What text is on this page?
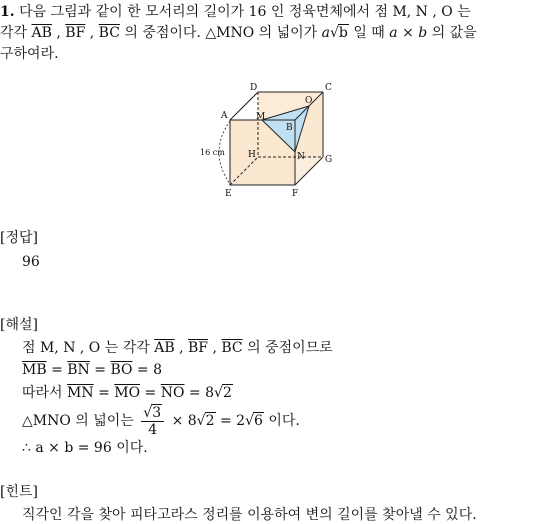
1. 다음 그림과 같이 한 모서리의 길이가 16 인 정육면체에서 점 M, N , O 는
각각 $\overline{AB}$ , $\overline{BF}$ , $\overline{BC}$ 의 중점이다. △MNO 의 넓이가 a√b 일 때 a × b 의 값을
구하여라.
D	C
A	M
O
B
H	N G
E	F
16 cm
[정답]
96
[해설]
점 M, N , O 는 각각 $\overline{AB}$ , $\overline{BF}$ , $\overline{BC}$ 의 중점이므로
$\overline{MB} = \overline{BN} = \overline{BO} = 8$
따라서 $\overline{MN} = \overline{MO} = \overline{NO} = 8√2$
△MNO 의 넓이는 $\frac{√3}{4} \times 8√2 = 2√6$ 이다.
∴ a × b = 96 이다.
[힌트]
직각인 각을 찾아 피타고라스 정리를 이용하여 변의 길이를 찾아낼 수 있다.
